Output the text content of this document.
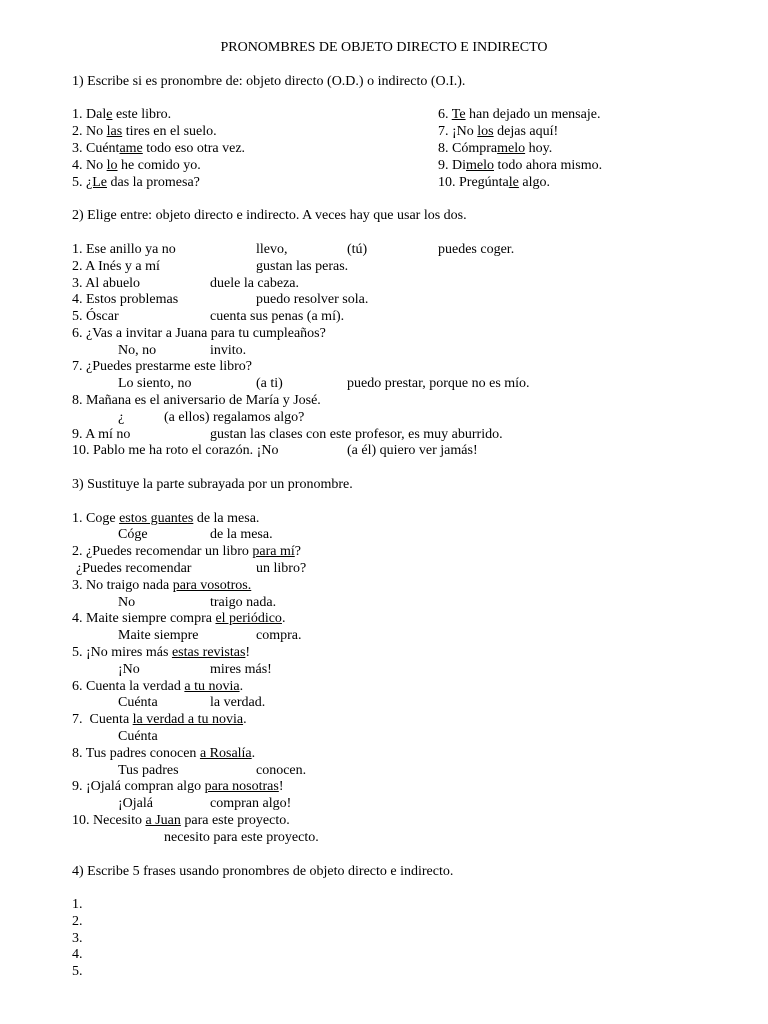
PRONOMBRES DE OBJETO DIRECTO E INDIRECTO
1) Escribe si es pronombre de: objeto directo (O.D.) o indirecto (O.I.).
1. Dale este libro.
2. No las tires en el suelo.
3. Cuéntame todo eso otra vez.
4. No lo he comido yo.
5. ¿Le das la promesa?
6. Te han dejado un mensaje.
7. ¡No los dejas aquí!
8. Cómpramelo hoy.
9. Dimelo todo ahora mismo.
10. Pregúntale algo.
2) Elige entre: objeto directo e indirecto. A veces hay que usar los dos.
1. Ese anillo ya no	llevo,	(tú)	puedes coger.
2. A Inés y a mí	gustan las peras.
3. Al abuelo	duele la cabeza.
4. Estos problemas	puedo resolver sola.
5. Óscar	cuenta sus penas (a mí).
6. ¿Vas a invitar a Juana para tu cumpleaños?
No, no	invito.
7. ¿Puedes prestarme este libro?
Lo siento, no	(a ti)	puedo prestar, porque no es mío.
8. Mañana es el aniversario de María y José.
¿	(a ellos) regalamos algo?
9. A mí no	gustan las clases con este profesor, es muy aburrido.
10. Pablo me ha roto el corazón. ¡No	(a él) quiero ver jamás!
3) Sustituye la parte subrayada por un pronombre.
1. Coge estos guantes de la mesa.
Cóge	de la mesa.
2. ¿Puedes recomendar un libro para mí?
¿Puedes recomendar	un libro?
3. No traigo nada para vosotros.
No	traigo nada.
4. Maite siempre compra el periódico.
Maite siempre	compra.
5. ¡No mires más estas revistas!
¡No	mires más!
6. Cuenta la verdad a tu novia.
Cuénta	la verdad.
7.  Cuenta la verdad a tu novia.
Cuénta
8. Tus padres conocen a Rosalía.
Tus padres	conocen.
9. ¡Ojalá compran algo para nosotras!
¡Ojalá	compran algo!
10. Necesito a Juan para este proyecto.
necesito para este proyecto.
4) Escribe 5 frases usando pronombres de objeto directo e indirecto.
1.
2.
3.
4.
5.
